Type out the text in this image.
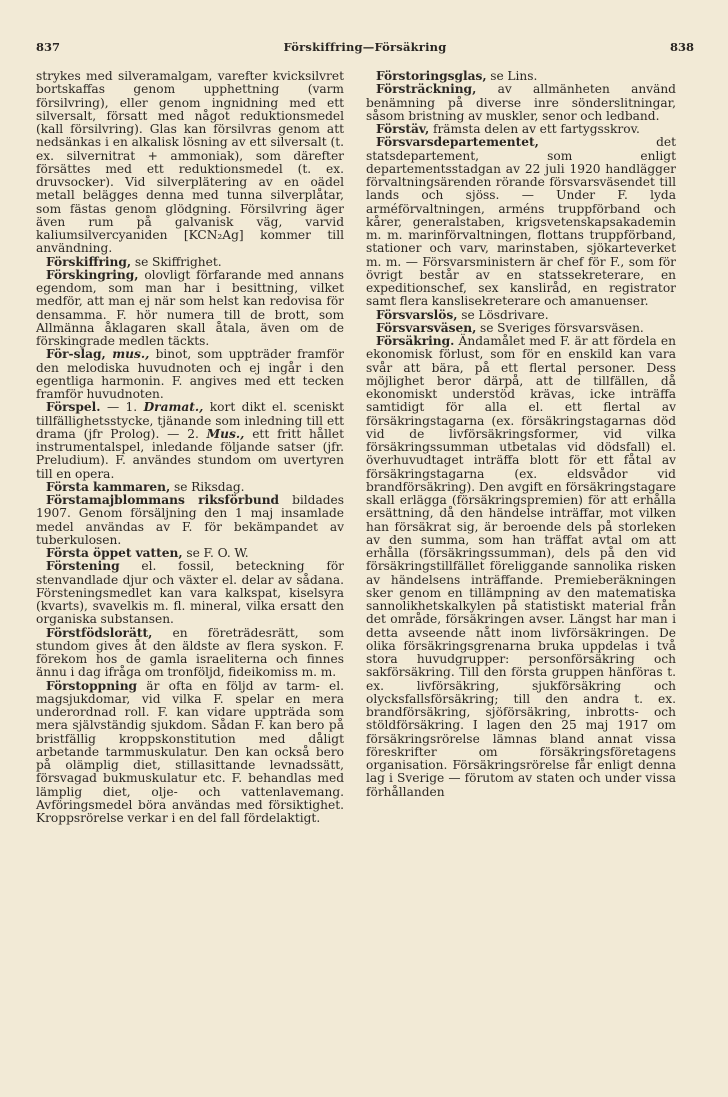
837	Förskiffring—Försäkring	838

strykes med silveramalgam, varefter kvicksilvret bortskaffas genom upphettning (varm försilvring), eller genom ingnidning med ett silversalt, försatt med något reduktionsmedel (kall försilvring). Glas kan försilvras genom att nedsänkas i en alkalisk lösning av ett silversalt (t. ex. silvernitrat + ammoniak), som därefter försättes med ett reduktionsmedel (t. ex. druvsocker). Vid silverplätering av en oädel metall belägges denna med tunna silverplåtar, som fästas genom glödgning. Försilvring äger även rum på galvanisk väg, varvid kaliumsilvercyaniden [KCN₂Ag] kommer till användning.

Förskiffring, se Skiffrighet.

Förskingring, olovligt förfarande med annans egendom, som man har i besittning, vilket medför, att man ej när som helst kan redovisa för densamma. F. hör numera till de brott, som Allmänna åklagaren skall åtala, även om de förskingrade medlen täckts.

För-slag, mus., binot, som uppträder framför den melodiska huvudnoten och ej ingår i den egentliga harmonin. F. angives med ett tecken framför huvudnoten.

Förspel. — 1. Dramat., kort dikt el. sceniskt tillfällighetsstycke, tjänande som inledning till ett drama (jfr Prolog). — 2. Mus., ett fritt hållet instrumentalspel, inledande följande satser (jfr. Preludium). F. användes stundom om uvertyren till en opera.

Första kammaren, se Riksdag.

Förstamajblommans riksförbund bildades 1907. Genom försäljning den 1 maj insamlade medel användas av F. för bekämpandet av tuberkulosen.

Första öppet vatten, se F. O. W.

Förstening el. fossil, beteckning för stenvandlade djur och växter el. delar av sådana. Försteningsmedlet kan vara kalkspat, kiselsyra (kvarts), svavelkis m. fl. mineral, vilka ersatt den organiska substansen.

Förstfödslorätt, en företrädesrätt, som stundom gives åt den äldste av flera syskon. F. förekom hos de gamla israeliterna och finnes ännu i dag ifråga om tronföljd, fideikomiss m. m.

Förstoppning är ofta en följd av tarm- el. magsjukdomar, vid vilka F. spelar en mera underordnad roll. F. kan vidare uppträda som mera självständig sjukdom. Sådan F. kan bero på bristfällig kroppskonstitution med dåligt arbetande tarmmuskulatur. Den kan också bero på olämplig diet, stillasittande levnadssätt, försvagad bukmuskulatur etc. F. behandlas med lämplig diet, olje- och vattenlavemang. Avföringsmedel böra användas med försiktighet. Kroppsrörelse verkar i en del fall fördelaktigt.

Förstoringsglas, se Lins.

Försträckning, av allmänheten använd benämning på diverse inre sönderslitningar, såsom bristning av muskler, senor och ledband.

Förstäv, främsta delen av ett fartygsskrov.

Försvarsdepartementet, det statsdepartement, som enligt departementsstadgan av 22 juli 1920 handlägger förvaltningsärenden rörande försvarsväsendet till lands och sjöss. — Under F. lyda arméförvaltningen, arméns truppförband och kårer, generalstaben, krigsvetenskapsakademin m. m. marinförvaltningen, flottans truppförband, stationer och varv, marinstaben, sjökarteverket m. m. — Försvarsministern är chef för F., som för övrigt består av en statssekreterare, en expeditionschef, sex kansliråd, en registrator samt flera kanslisekreterare och amanuenser.

Försvarslös, se Lösdrivare.

Försvarsväsen, se Sveriges försvarsväsen.

Försäkring. Ändamålet med F. är att fördela en ekonomisk förlust, som för en enskild kan vara svår att bära, på ett flertal personer. Dess möjlighet beror därpå, att de tillfällen, då ekonomiskt understöd krävas, icke inträffa samtidigt för alla el. ett flertal av försäkringstagarna (ex. försäkringstagarnas död vid de livförsäkringsformer, vid vilka försäkringssumman utbetalas vid dödsfall) el. överhuvudtaget inträffa blott för ett fåtal av försäkringstagarna (ex. eldsvådor vid brandförsäkring). Den avgift en försäkringstagare skall erlägga (försäkringspremien) för att erhålla ersättning, då den händelse inträffar, mot vilken han försäkrat sig, är beroende dels på storleken av den summa, som han träffat avtal om att erhålla (försäkringssumman), dels på den vid försäkringstillfället föreliggande sannolika risken av händelsens inträffande. Premieberäkningen sker genom en tillämpning av den matematiska sannolikhetskalkylen på statistiskt material från det område, försäkringen avser. Längst har man i detta avseende nått inom livförsäkringen. De olika försäkringsgrenarna bruka uppdelas i två stora huvudgrupper: personförsäkring och sakförsäkring. Till den första gruppen hänföras t. ex. livförsäkring, sjukförsäkring och olycksfallsförsäkring; till den andra t. ex. brandförsäkring, sjöförsäkring, inbrotts- och stöldförsäkring. I lagen den 25 maj 1917 om försäkringsrörelse lämnas bland annat vissa föreskrifter om försäkringsföretagens organisation. Försäkringsrörelse får enligt denna lag i Sverige — förutom av staten och under vissa förhållanden
